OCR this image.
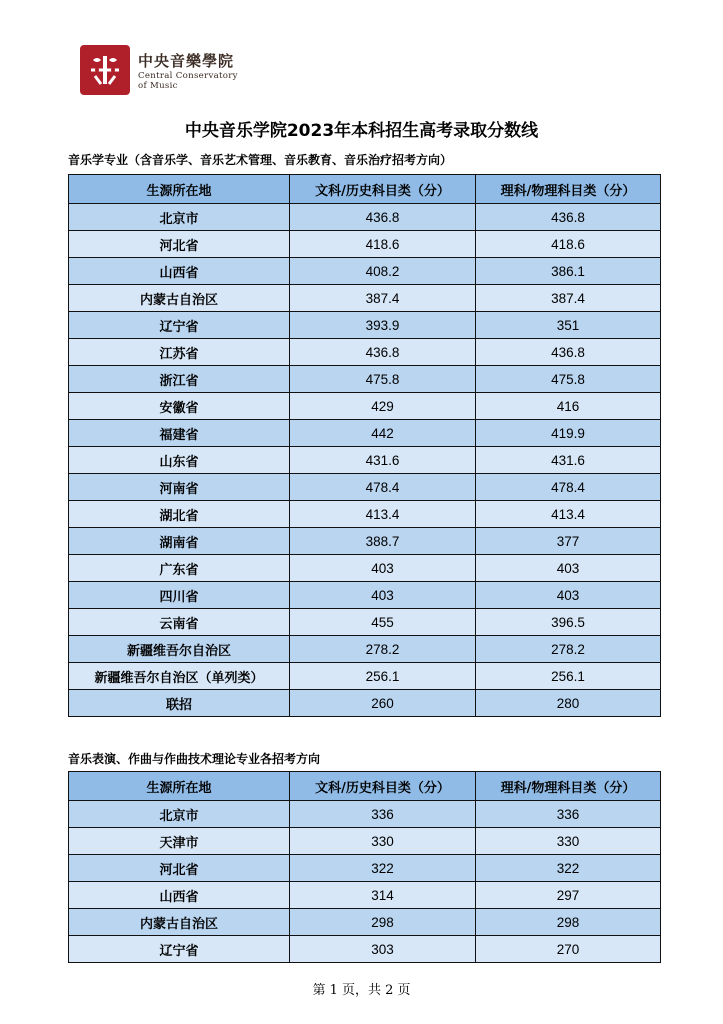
中央音樂學院
Central Conservatory
of Music
中央音乐学院2023年本科招生高考录取分数线
音乐学专业（含音乐学、音乐艺术管理、音乐教育、音乐治疗招考方向）
生源所在地	文科/历史科目类（分）	理科/物理科目类（分）
北京市	436.8	436.8
河北省	418.6	418.6
山西省	408.2	386.1
内蒙古自治区	387.4	387.4
辽宁省	393.9	351
江苏省	436.8	436.8
浙江省	475.8	475.8
安徽省	429	416
福建省	442	419.9
山东省	431.6	431.6
河南省	478.4	478.4
湖北省	413.4	413.4
湖南省	388.7	377
广东省	403	403
四川省	403	403
云南省	455	396.5
新疆维吾尔自治区	278.2	278.2
新疆维吾尔自治区（单列类）	256.1	256.1
联招	260	280
音乐表演、作曲与作曲技术理论专业各招考方向
生源所在地	文科/历史科目类（分）	理科/物理科目类（分）
北京市	336	336
天津市	330	330
河北省	322	322
山西省	314	297
内蒙古自治区	298	298
辽宁省	303	270
第 1 页，共 2 页
